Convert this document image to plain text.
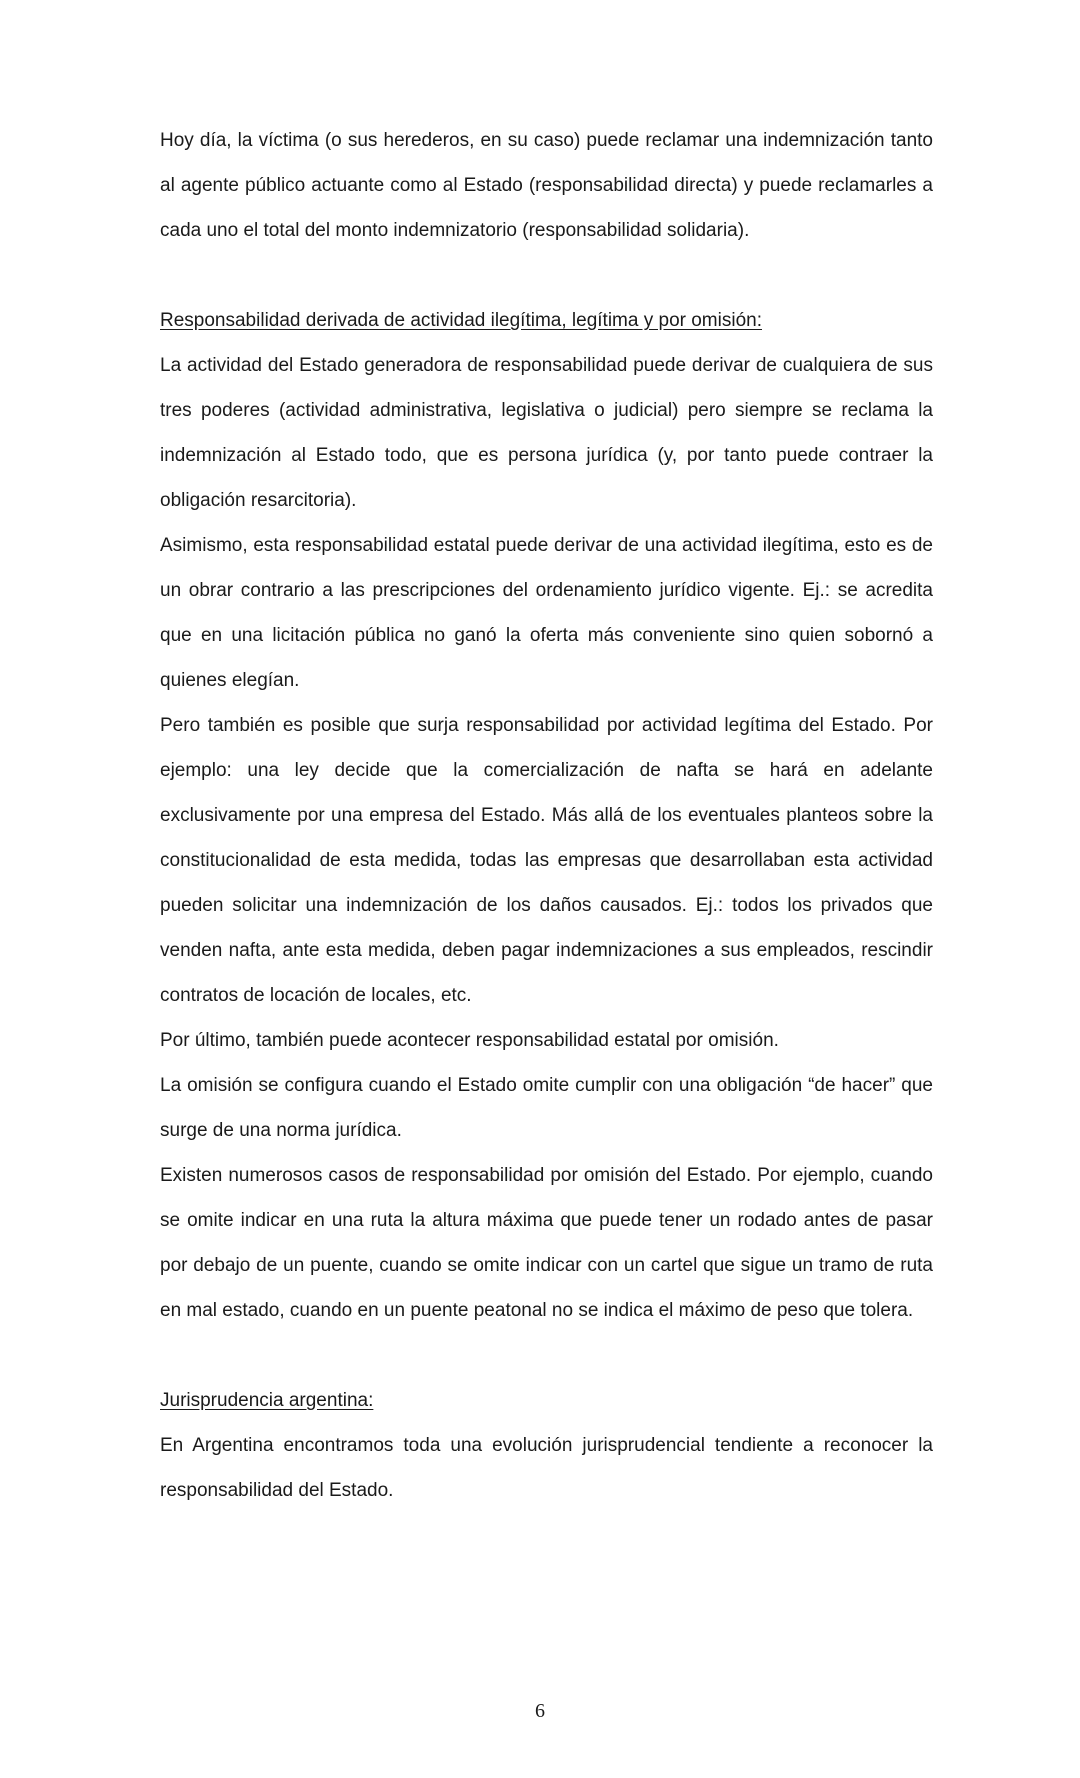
Hoy día, la víctima (o sus herederos, en su caso) puede reclamar una indemnización tanto al agente público actuante como al Estado (responsabilidad directa) y puede reclamarles a cada uno el total del monto indemnizatorio (responsabilidad solidaria).

Responsabilidad derivada de actividad ilegítima, legítima y por omisión:

La actividad del Estado generadora de responsabilidad puede derivar de cualquiera de sus tres poderes (actividad administrativa, legislativa o judicial) pero siempre se reclama la indemnización al Estado todo, que es persona jurídica (y, por tanto puede contraer la obligación resarcitoria).

Asimismo, esta responsabilidad estatal puede derivar de una actividad ilegítima, esto es de un obrar contrario a las prescripciones del ordenamiento jurídico vigente. Ej.: se acredita que en una licitación pública no ganó la oferta más conveniente sino quien sobornó a quienes elegían.

Pero también es posible que surja responsabilidad por actividad legítima del Estado. Por ejemplo: una ley decide que la comercialización de nafta se hará en adelante exclusivamente por una empresa del Estado. Más allá de los eventuales planteos sobre la constitucionalidad de esta medida, todas las empresas que desarrollaban esta actividad pueden solicitar una indemnización de los daños causados. Ej.: todos los privados que venden nafta, ante esta medida, deben pagar indemnizaciones a sus empleados, rescindir contratos de locación de locales, etc.

Por último, también puede acontecer responsabilidad estatal por omisión.

La omisión se configura cuando el Estado omite cumplir con una obligación “de hacer” que surge de una norma jurídica.

Existen numerosos casos de responsabilidad por omisión del Estado. Por ejemplo, cuando se omite indicar en una ruta la altura máxima que puede tener un rodado antes de pasar por debajo de un puente, cuando se omite indicar con un cartel que sigue un tramo de ruta en mal estado, cuando en un puente peatonal no se indica el máximo de peso que tolera.

Jurisprudencia argentina:

En Argentina encontramos toda una evolución jurisprudencial tendiente a reconocer la responsabilidad del Estado.

6
